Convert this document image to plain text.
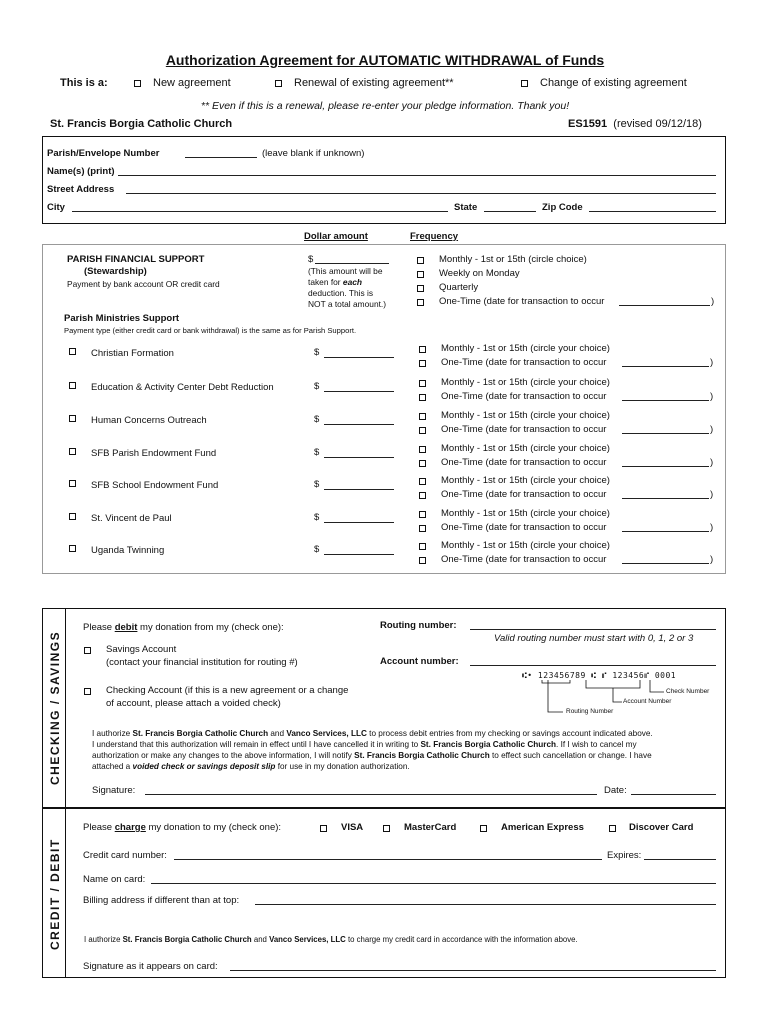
Authorization Agreement for AUTOMATIC WITHDRAWAL of Funds
This is a:	New agreement	Renewal of existing agreement**	Change of existing agreement
** Even if this is a renewal, please re-enter your pledge information. Thank you!
St. Francis Borgia Catholic Church	ES1591 (revised 09/12/18)
Parish/Envelope Number	(leave blank if unknown)
Name(s) (print)
Street Address
City	State	Zip Code
Dollar amount	Frequency
PARISH FINANCIAL SUPPORT
(Stewardship)
Payment by bank account OR credit card
$
(This amount will be
taken for each
deduction. This is
NOT a total amount.)
Monthly - 1st or 15th (circle choice)
Weekly on Monday
Quarterly
One-Time (date for transaction to occur	)
Parish Ministries Support
Payment type (either credit card or bank withdrawal) is the same as for Parish Support.
Christian Formation	$	Monthly - 1st or 15th (circle your choice)
One-Time (date for transaction to occur	)
Education & Activity Center Debt Reduction	$	Monthly - 1st or 15th (circle your choice)
One-Time (date for transaction to occur	)
Human Concerns Outreach	$	Monthly - 1st or 15th (circle your choice)
One-Time (date for transaction to occur	)
SFB Parish Endowment Fund	$	Monthly - 1st or 15th (circle your choice)
One-Time (date for transaction to occur	)
SFB School Endowment Fund	$	Monthly - 1st or 15th (circle your choice)
One-Time (date for transaction to occur	)
St. Vincent de Paul	$	Monthly - 1st or 15th (circle your choice)
One-Time (date for transaction to occur	)
Uganda Twinning	$	Monthly - 1st or 15th (circle your choice)
One-Time (date for transaction to occur	)
CHECKING / SAVINGS
Please debit my donation from my (check one):
Savings Account
(contact your financial institution for routing #)
Checking Account (if this is a new agreement or a change
of account, please attach a voided check)
Routing number:
Valid routing number must start with 0, 1, 2 or 3
Account number:
⑆• 123456789 ⑆ ⑈ 123456⑈ 0001
Check Number
Account Number
Routing Number
I authorize St. Francis Borgia Catholic Church and Vanco Services, LLC to process debit entries from my checking or savings account indicated above.
I understand that this authorization will remain in effect until I have cancelled it in writing to St. Francis Borgia Catholic Church. If I wish to cancel my
authorization or make any changes to the above information, I will notify St. Francis Borgia Catholic Church to effect such cancellation or change. I have
attached a voided check or savings deposit slip for use in my donation authorization.
Signature:	Date:
CREDIT / DEBIT
Please charge my donation to my (check one):	VISA	MasterCard	American Express	Discover Card
Credit card number:	Expires:
Name on card:
Billing address if different than at top:
I authorize St. Francis Borgia Catholic Church and Vanco Services, LLC to charge my credit card in accordance with the information above.
Signature as it appears on card:
